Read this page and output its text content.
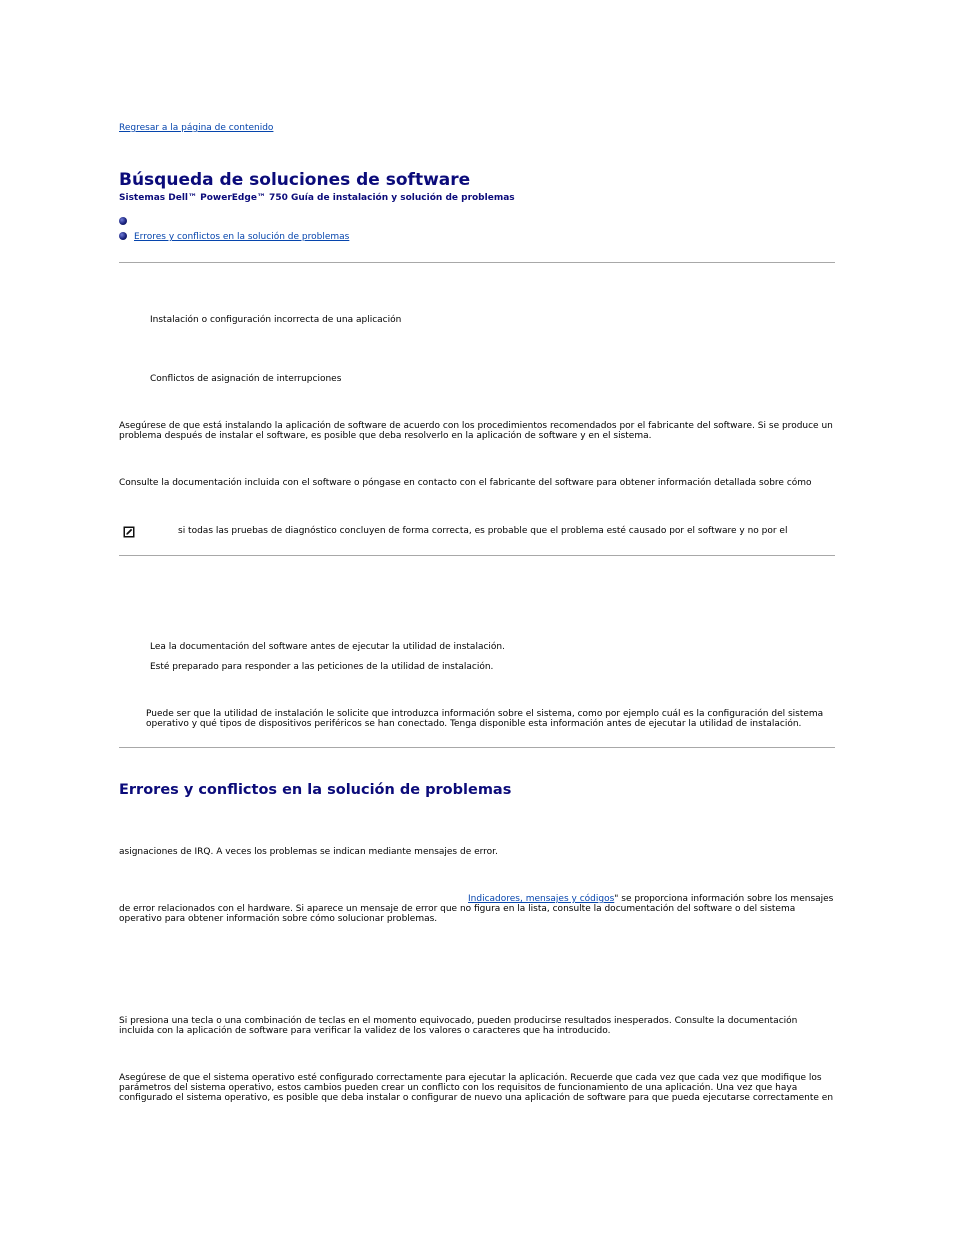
Regresar a la página de contenido
Búsqueda de soluciones de software
Sistemas Dell™ PowerEdge™ 750 Guía de instalación y solución de problemas
Errores y conflictos en la solución de problemas
Instalación o configuración incorrecta de una aplicación
Conflictos de asignación de interrupciones
Asegúrese de que está instalando la aplicación de software de acuerdo con los procedimientos recomendados por el fabricante del software. Si se produce un problema después de instalar el software, es posible que deba resolverlo en la aplicación de software y en el sistema.
Consulte la documentación incluida con el software o póngase en contacto con el fabricante del software para obtener información detallada sobre cómo
si todas las pruebas de diagnóstico concluyen de forma correcta, es probable que el problema esté causado por el software y no por el
Lea la documentación del software antes de ejecutar la utilidad de instalación.
Esté preparado para responder a las peticiones de la utilidad de instalación.
Puede ser que la utilidad de instalación le solicite que introduzca información sobre el sistema, como por ejemplo cuál es la configuración del sistema operativo y qué tipos de dispositivos periféricos se han conectado. Tenga disponible esta información antes de ejecutar la utilidad de instalación.
Errores y conflictos en la solución de problemas
asignaciones de IRQ. A veces los problemas se indican mediante mensajes de error.
Indicadores, mensajes y códigos" se proporciona información sobre los mensajes
de error relacionados con el hardware. Si aparece un mensaje de error que no figura en la lista, consulte la documentación del software o del sistema operativo para obtener información sobre cómo solucionar problemas.
Si presiona una tecla o una combinación de teclas en el momento equivocado, pueden producirse resultados inesperados. Consulte la documentación incluida con la aplicación de software para verificar la validez de los valores o caracteres que ha introducido.
Asegúrese de que el sistema operativo esté configurado correctamente para ejecutar la aplicación. Recuerde que cada vez que cada vez que modifique los parámetros del sistema operativo, estos cambios pueden crear un conflicto con los requisitos de funcionamiento de una aplicación. Una vez que haya configurado el sistema operativo, es posible que deba instalar o configurar de nuevo una aplicación de software para que pueda ejecutarse correctamente en
